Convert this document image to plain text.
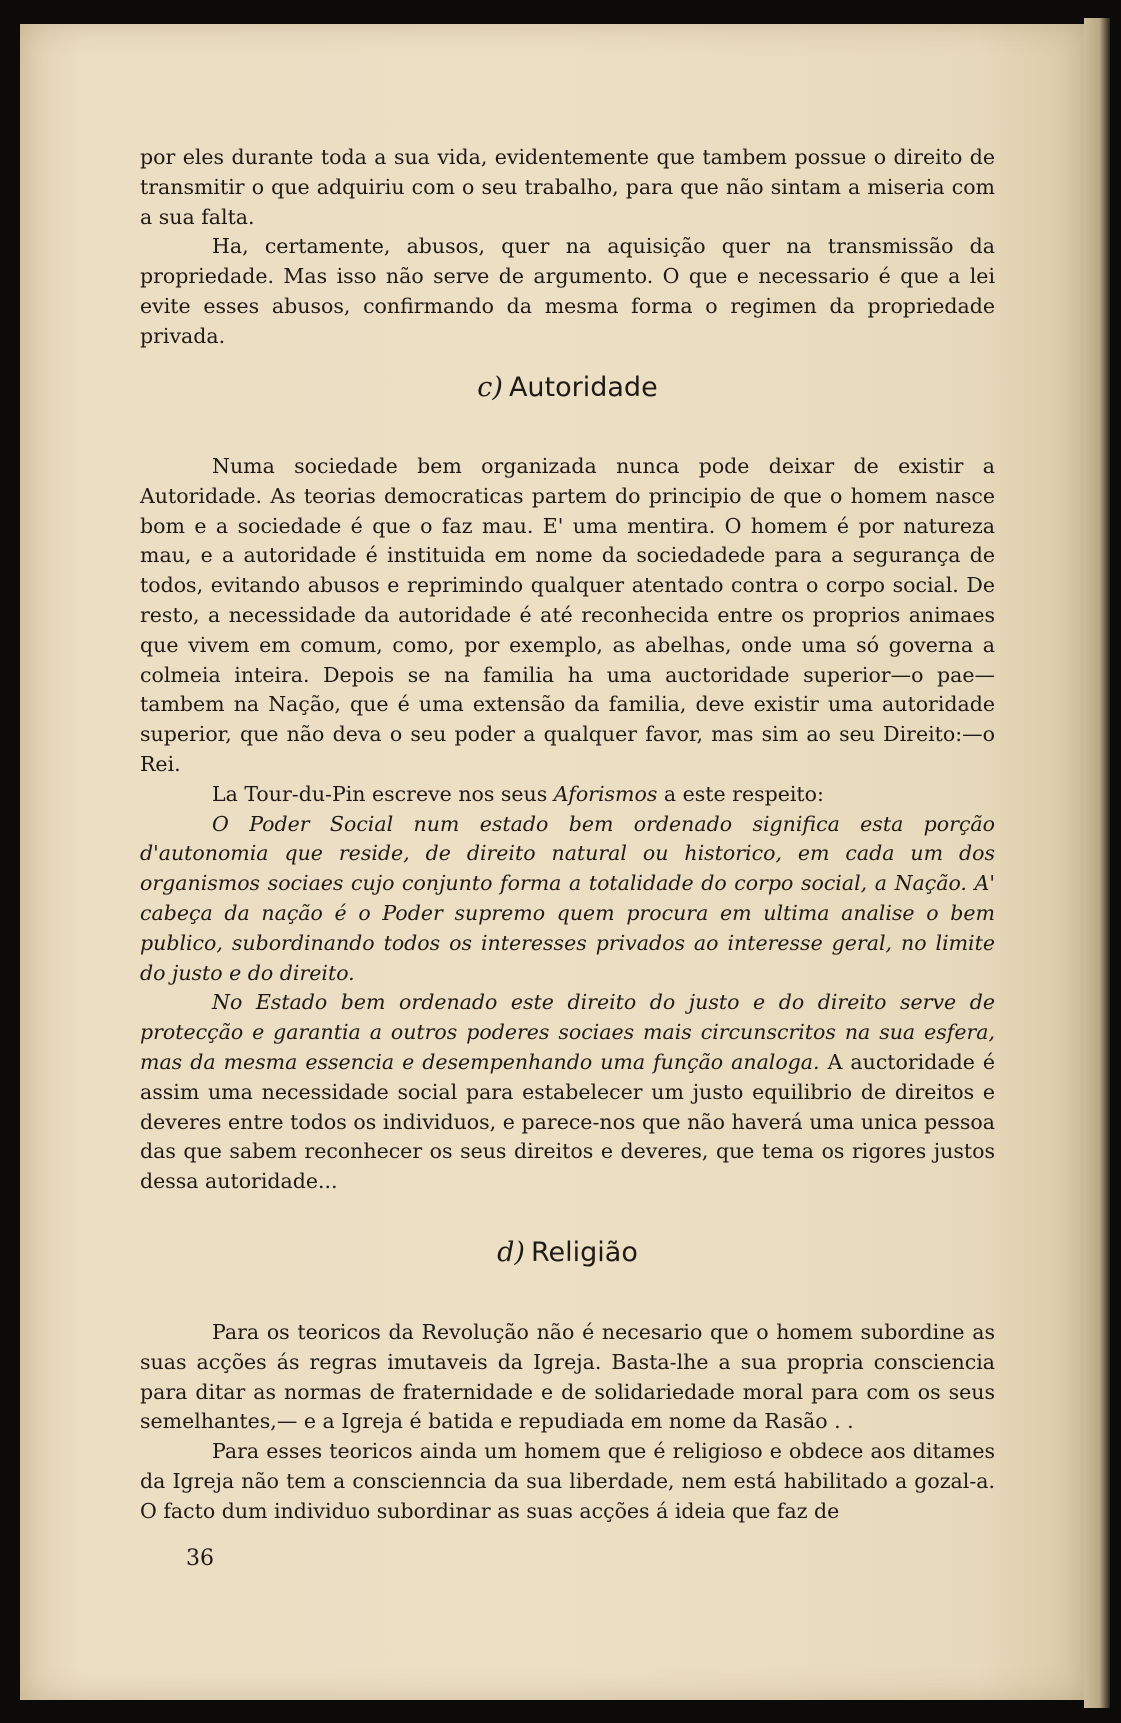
por eles durante toda a sua vida, evidentemente que tambem possue o direito de transmitir o que adquiriu com o seu trabalho, para que não sintam a miseria com a sua falta.

Ha, certamente, abusos, quer na aquisição quer na transmissão da propriedade. Mas isso não serve de argumento. O que e necessario é que a lei evite esses abusos, confirmando da mesma forma o regimen da propriedade privada.

c) Autoridade

Numa sociedade bem organizada nunca pode deixar de existir a Autoridade. As teorias democraticas partem do principio de que o homem nasce bom e a sociedade é que o faz mau. E' uma mentira. O homem é por natureza mau, e a autoridade é instituida em nome da sociedadede para a segurança de todos, evitando abusos e reprimindo qualquer atentado contra o corpo social. De resto, a necessidade da autoridade é até reconhecida entre os proprios animaes que vivem em comum, como, por exemplo, as abelhas, onde uma só governa a colmeia inteira. Depois se na familia ha uma auctoridade superior—o pae—tambem na Nação, que é uma extensão da familia, deve existir uma autoridade superior, que não deva o seu poder a qualquer favor, mas sim ao seu Direito:—o Rei.

La Tour-du-Pin escreve nos seus Aforismos a este respeito:

O Poder Social num estado bem ordenado significa esta porção d'autonomia que reside, de direito natural ou historico, em cada um dos organismos sociaes cujo conjunto forma a totalidade do corpo social, a Nação. A' cabeça da nação é o Poder supremo quem procura em ultima analise o bem publico, subordinando todos os interesses privados ao interesse geral, no limite do justo e do direito.

No Estado bem ordenado este direito do justo e do direito serve de protecção e garantia a outros poderes sociaes mais circunscritos na sua esfera, mas da mesma essencia e desempenhando uma função analoga. A auctoridade é assim uma necessidade social para estabelecer um justo equilibrio de direitos e deveres entre todos os individuos, e parece-nos que não haverá uma unica pessoa das que sabem reconhecer os seus direitos e deveres, que tema os rigores justos dessa autoridade...

d) Religião

Para os teoricos da Revolução não é necesario que o homem subordine as suas acções ás regras imutaveis da Igreja. Basta-lhe a sua propria consciencia para ditar as normas de fraternidade e de solidariedade moral para com os seus semelhantes,— e a Igreja é batida e repudiada em nome da Rasão . .

Para esses teoricos ainda um homem que é religioso e obdece aos ditames da Igreja não tem a conscienncia da sua liberdade, nem está habilitado a gozal-a. O facto dum individuo subordinar as suas acções á ideia que faz de

36
